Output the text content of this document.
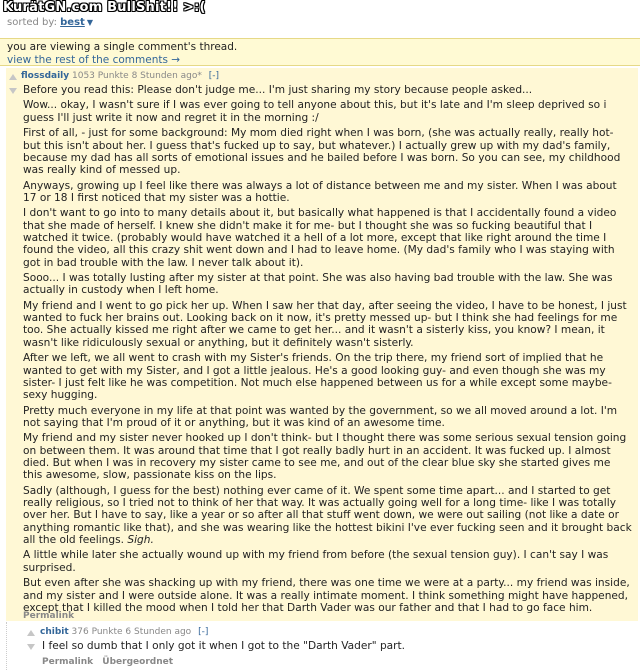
KurätGN.com BullShit!! >:(
sorted by: best ▼
you are viewing a single comment's thread.
view the rest of the comments →
flossdaily 1053 Punkte 8 Stunden ago* [-]

Before you read this: Please don't judge me... I'm just sharing my story because people asked...

Wow... okay, I wasn't sure if I was ever going to tell anyone about this, but it's late and I'm sleep deprived so i guess I'll just write it now and regret it in the morning :/

First of all, - just for some background: My mom died right when I was born, (she was actually really, really hot- but this isn't about her. I guess that's fucked up to say, but whatever.) I actually grew up with my dad's family, because my dad has all sorts of emotional issues and he bailed before I was born. So you can see, my childhood was really kind of messed up.

Anyways, growing up I feel like there was always a lot of distance between me and my sister. When I was about 17 or 18 I first noticed that my sister was a hottie.

I don't want to go into to many details about it, but basically what happened is that I accidentally found a video that she made of herself. I knew she didn't make it for me- but I thought she was so fucking beautiful that I watched it twice. (probably would have watched it a hell of a lot more, except that like right around the time I found the video, all this crazy shit went down and I had to leave home. (My dad's family who I was staying with got in bad trouble with the law. I never talk about it).

Sooo... I was totally lusting after my sister at that point. She was also having bad trouble with the law. She was actually in custody when I left home.

My friend and I went to go pick her up. When I saw her that day, after seeing the video, I have to be honest, I just wanted to fuck her brains out. Looking back on it now, it's pretty messed up- but I think she had feelings for me too. She actually kissed me right after we came to get her... and it wasn't a sisterly kiss, you know? I mean, it wasn't like ridiculously sexual or anything, but it definitely wasn't sisterly.

After we left, we all went to crash with my Sister's friends. On the trip there, my friend sort of implied that he wanted to get with my Sister, and I got a little jealous. He's a good looking guy- and even though she was my sister- I just felt like he was competition. Not much else happened between us for a while except some maybe-sexy hugging.

Pretty much everyone in my life at that point was wanted by the government, so we all moved around a lot. I'm not saying that I'm proud of it or anything, but it was kind of an awesome time.

My friend and my sister never hooked up I don't think- but I thought there was some serious sexual tension going on between them. It was around that time that I got really badly hurt in an accident. It was fucked up. I almost died. But when I was in recovery my sister came to see me, and out of the clear blue sky she started gives me this awesome, slow, passionate kiss on the lips.

Sadly (although, I guess for the best) nothing ever came of it. We spent some time apart... and I started to get really religious, so I tried not to think of her that way. It was actually going well for a long time- like I was totally over her. But I have to say, like a year or so after all that stuff went down, we were out sailing (not like a date or anything romantic like that), and she was wearing like the hottest bikini I've ever fucking seen and it brought back all the old feelings. Sigh.

A little while later she actually wound up with my friend from before (the sexual tension guy). I can't say I was surprised.

But even after she was shacking up with my friend, there was one time we were at a party... my friend was inside, and my sister and I were outside alone. It was a really intimate moment. I think something might have happened, except that I killed the mood when I told her that Darth Vader was our father and that I had to go face him.

Permalink
chibit 376 Punkte 6 Stunden ago [-]
I feel so dumb that I only got it when I got to the "Darth Vader" part.
Permalink Übergeordnet
